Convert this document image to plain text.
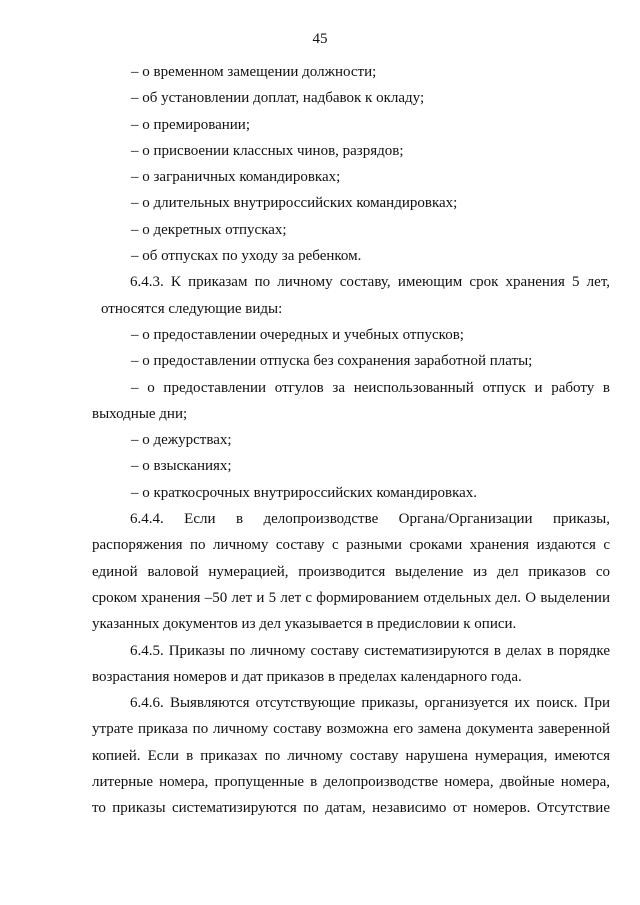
45
– о временном замещении должности;
– об установлении доплат, надбавок к окладу;
– о премировании;
– о присвоении классных чинов, разрядов;
– о заграничных командировках;
– о длительных внутрироссийских командировках;
– о декретных отпусках;
– об отпусках по уходу за ребенком.
6.4.3. К приказам по личному составу, имеющим срок хранения 5 лет,
относятся следующие виды:
– о предоставлении очередных и учебных отпусков;
– о предоставлении отпуска без сохранения заработной платы;
– о предоставлении отгулов за неиспользованный отпуск и работу в
выходные дни;
– о дежурствах;
– о взысканиях;
– о краткосрочных внутрироссийских командировках.
6.4.4. Если в делопроизводстве Органа/Организации приказы,
распоряжения по личному составу с разными сроками хранения издаются с
единой валовой нумерацией, производится выделение из дел приказов со
сроком хранения –50 лет и 5 лет с формированием отдельных дел. О выделении
указанных документов из дел указывается в предисловии к описи.
6.4.5. Приказы по личному составу систематизируются в делах в порядке
возрастания номеров и дат приказов в пределах календарного года.
6.4.6. Выявляются отсутствующие приказы, организуется их поиск. При
утрате приказа по личному составу возможна его замена документа заверенной
копией. Если в приказах по личному составу нарушена нумерация, имеются
литерные номера, пропущенные в делопроизводстве номера, двойные номера,
то приказы систематизируются по датам, независимо от номеров. Отсутствие
